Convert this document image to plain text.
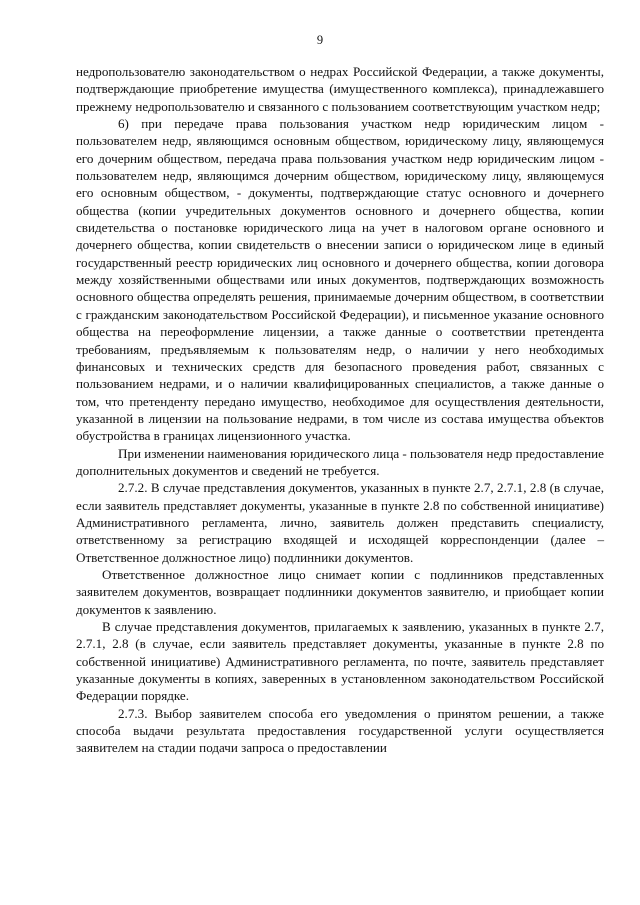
9

недропользователю законодательством о недрах Российской Федерации, а также документы, подтверждающие приобретение имущества (имущественного комплекса), принадлежавшего прежнему недропользователю и связанного с пользованием соответствующим участком недр;

6) при передаче права пользования участком недр юридическим лицом - пользователем недр, являющимся основным обществом, юридическому лицу, являющемуся его дочерним обществом, передача права пользования участком недр юридическим лицом - пользователем недр, являющимся дочерним обществом, юридическому лицу, являющемуся его основным обществом, - документы, подтверждающие статус основного и дочернего общества (копии учредительных документов основного и дочернего общества, копии свидетельства о постановке юридического лица на учет в налоговом органе основного и дочернего общества, копии свидетельств о внесении записи о юридическом лице в единый государственный реестр юридических лиц основного и дочернего общества, копии договора между хозяйственными обществами или иных документов, подтверждающих возможность основного общества определять решения, принимаемые дочерним обществом, в соответствии с гражданским законодательством Российской Федерации), и письменное указание основного общества на переоформление лицензии, а также данные о соответствии претендента требованиям, предъявляемым к пользователям недр, о наличии у него необходимых финансовых и технических средств для безопасного проведения работ, связанных с пользованием недрами, и о наличии квалифицированных специалистов, а также данные о том, что претенденту передано имущество, необходимое для осуществления деятельности, указанной в лицензии на пользование недрами, в том числе из состава имущества объектов обустройства в границах лицензионного участка.

При изменении наименования юридического лица - пользователя недр предоставление дополнительных документов и сведений не требуется.

2.7.2. В случае представления документов, указанных в пункте 2.7, 2.7.1, 2.8 (в случае, если заявитель представляет документы, указанные в пункте 2.8 по собственной инициативе) Административного регламента, лично, заявитель должен представить специалисту, ответственному за регистрацию входящей и исходящей корреспонденции (далее – Ответственное должностное лицо) подлинники документов.

Ответственное должностное лицо снимает копии с подлинников представленных заявителем документов, возвращает подлинники документов заявителю, и приобщает копии документов к заявлению.

В случае представления документов, прилагаемых к заявлению, указанных в пункте 2.7, 2.7.1, 2.8 (в случае, если заявитель представляет документы, указанные в пункте 2.8 по собственной инициативе) Административного регламента, по почте, заявитель представляет указанные документы в копиях, заверенных в установленном законодательством Российской Федерации порядке.

2.7.3. Выбор заявителем способа его уведомления о принятом решении, а также способа выдачи результата предоставления государственной услуги осуществляется заявителем на стадии подачи запроса о предоставлении
